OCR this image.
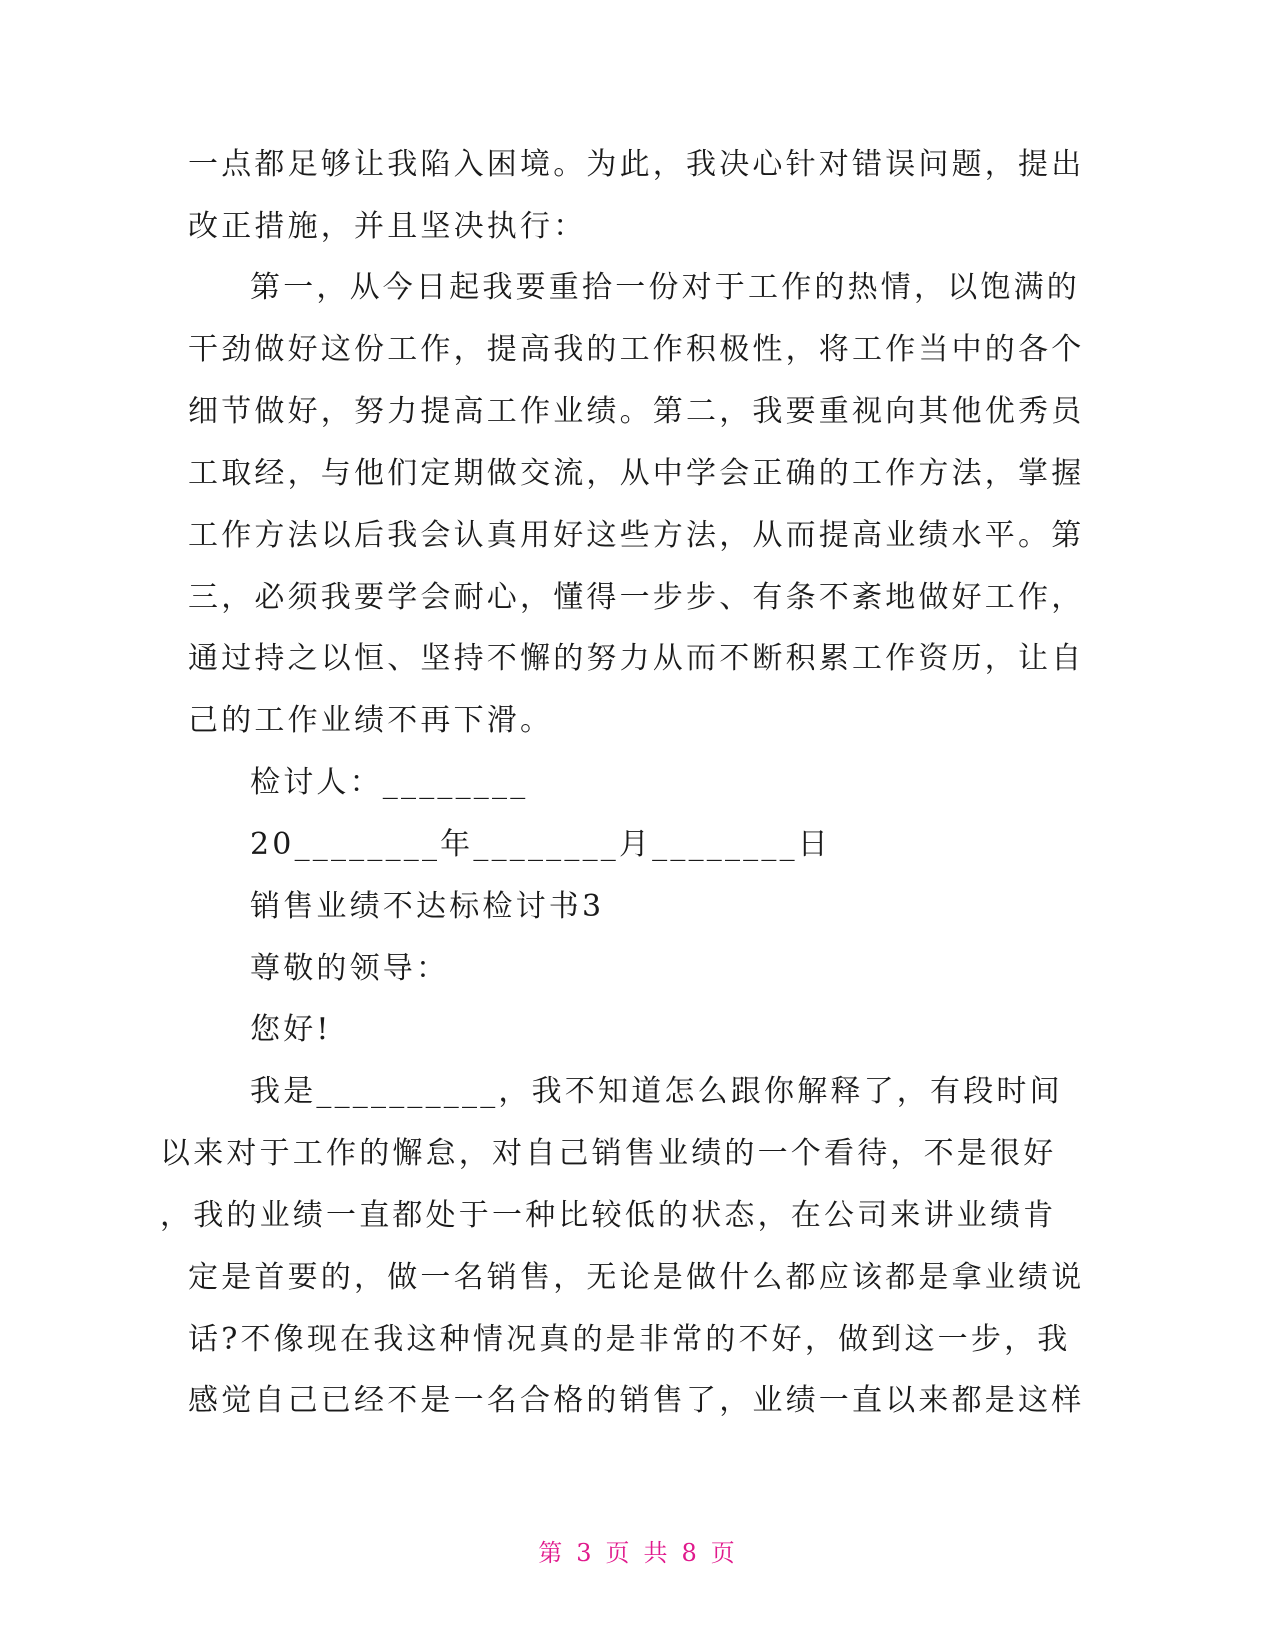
一点都足够让我陷入困境。为此，我决心针对错误问题，提出
改正措施，并且坚决执行：
第一，从今日起我要重拾一份对于工作的热情，以饱满的
干劲做好这份工作，提高我的工作积极性，将工作当中的各个
细节做好，努力提高工作业绩。第二，我要重视向其他优秀员
工取经，与他们定期做交流，从中学会正确的工作方法，掌握
工作方法以后我会认真用好这些方法，从而提高业绩水平。第
三，必须我要学会耐心，懂得一步步、有条不紊地做好工作，
通过持之以恒、坚持不懈的努力从而不断积累工作资历，让自
己的工作业绩不再下滑。
检讨人：________
20________年________月________日
销售业绩不达标检讨书3
尊敬的领导：
您好!
我是__________，我不知道怎么跟你解释了，有段时间
以来对于工作的懈怠，对自己销售业绩的一个看待，不是很好
，我的业绩一直都处于一种比较低的状态，在公司来讲业绩肯
定是首要的，做一名销售，无论是做什么都应该都是拿业绩说
话?不像现在我这种情况真的是非常的不好，做到这一步，我
感觉自己已经不是一名合格的销售了，业绩一直以来都是这样
第 3 页 共 8 页
